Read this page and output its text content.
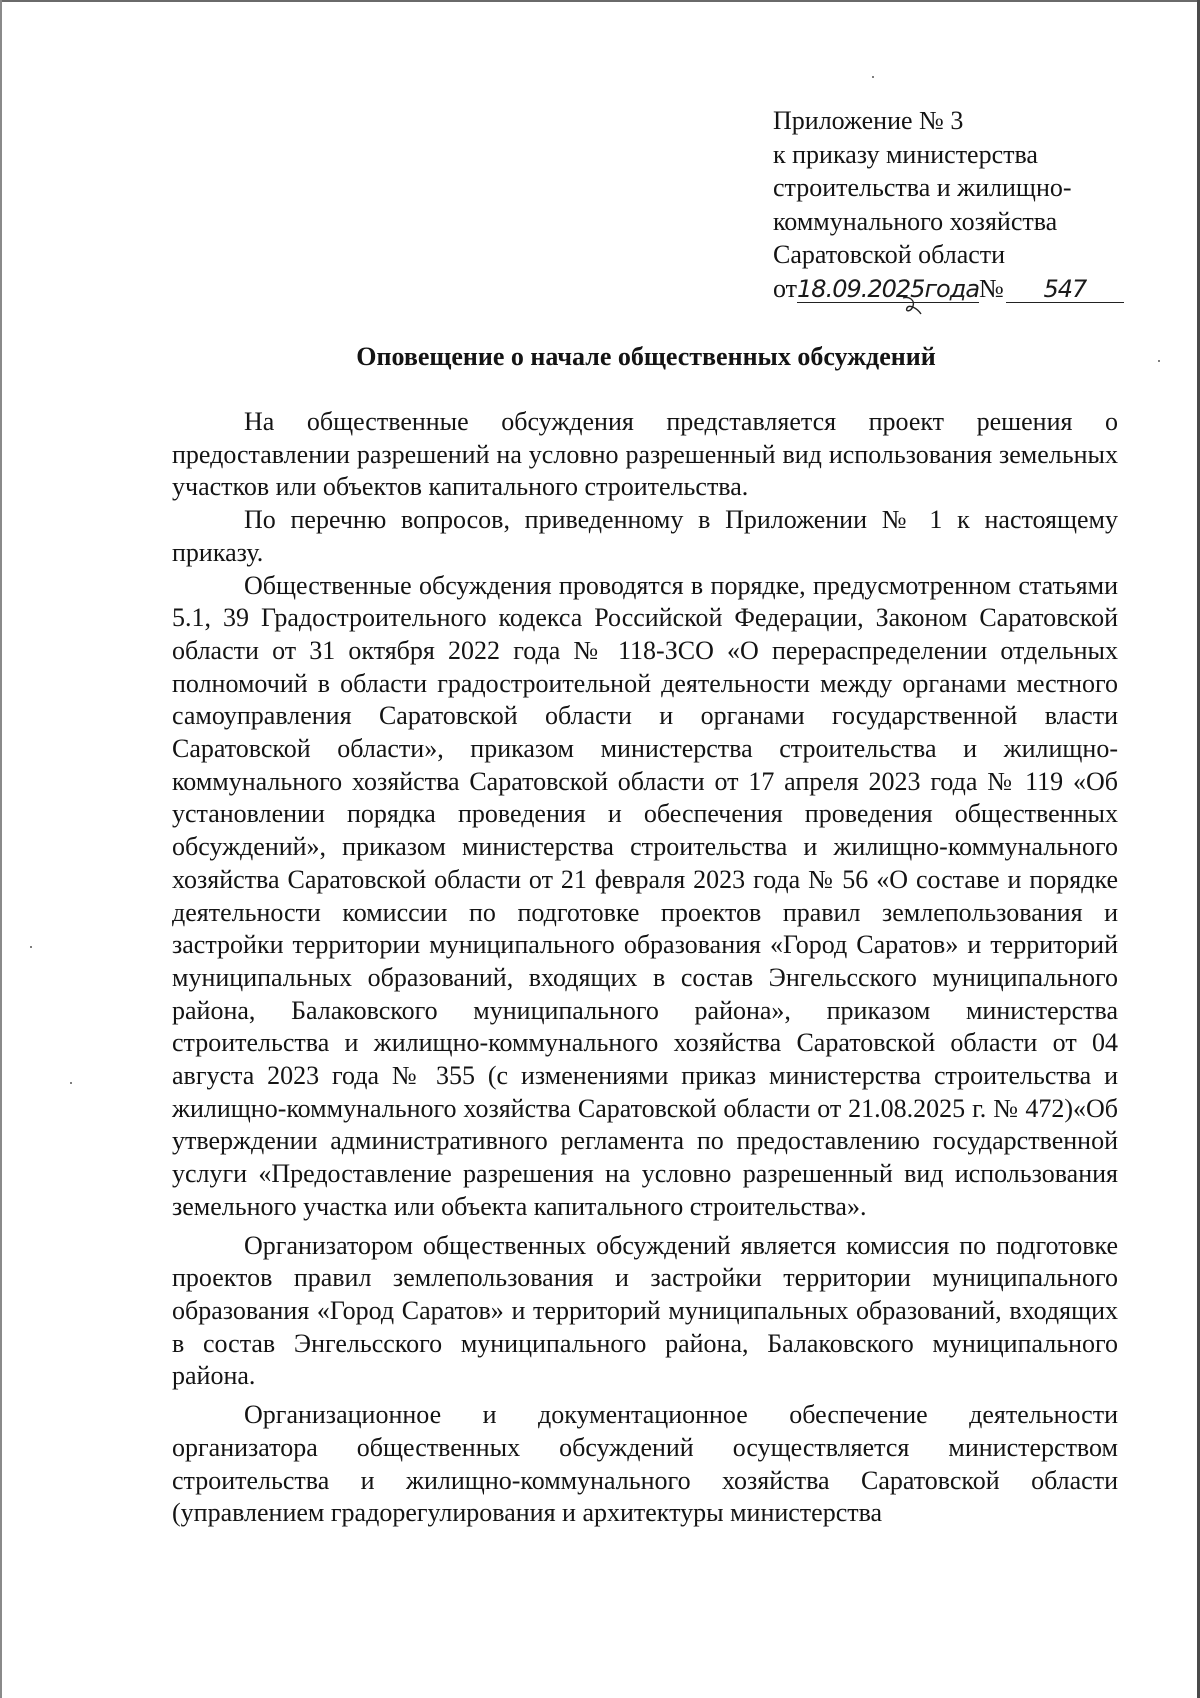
Приложение № 3
к приказу министерства
строительства и жилищно-
коммунального хозяйства
Саратовской области
от18.09.2025года№ 547
Оповещение о начале общественных обсуждений

На общественные обсуждения представляется проект решения о предоставлении разрешений на условно разрешенный вид использования земельных участков или объектов капитального строительства.

По перечню вопросов, приведенному в Приложении № 1 к настоящему приказу.

Общественные обсуждения проводятся в порядке, предусмотренном статьями 5.1, 39 Градостроительного кодекса Российской Федерации, Законом Саратовской области от 31 октября 2022 года № 118-ЗСО «О перераспределении отдельных полномочий в области градостроительной деятельности между органами местного самоуправления Саратовской области и органами государственной власти Саратовской области», приказом министерства строительства и жилищно-коммунального хозяйства Саратовской области от 17 апреля 2023 года № 119 «Об установлении порядка проведения и обеспечения проведения общественных обсуждений», приказом министерства строительства и жилищно-коммунального хозяйства Саратовской области от 21 февраля 2023 года № 56 «О составе и порядке деятельности комиссии по подготовке проектов правил землепользования и застройки территории муниципального образования «Город Саратов» и территорий муниципальных образований, входящих в состав Энгельсского муниципального района, Балаковского муниципального района», приказом министерства строительства и жилищно-коммунального хозяйства Саратовской области от 04 августа 2023 года № 355 (с изменениями приказ министерства строительства и жилищно-коммунального хозяйства Саратовской области от 21.08.2025 г. № 472)«Об утверждении административного регламента по предоставлению государственной услуги «Предоставление разрешения на условно разрешенный вид использования земельного участка или объекта капитального строительства».

Организатором общественных обсуждений является комиссия по подготовке проектов правил землепользования и застройки территории муниципального образования «Город Саратов» и территорий муниципальных образований, входящих в состав Энгельсского муниципального района, Балаковского муниципального района.

Организационное и документационное обеспечение деятельности организатора общественных обсуждений осуществляется министерством строительства и жилищно-коммунального хозяйства Саратовской области (управлением градорегулирования и архитектуры министерства
